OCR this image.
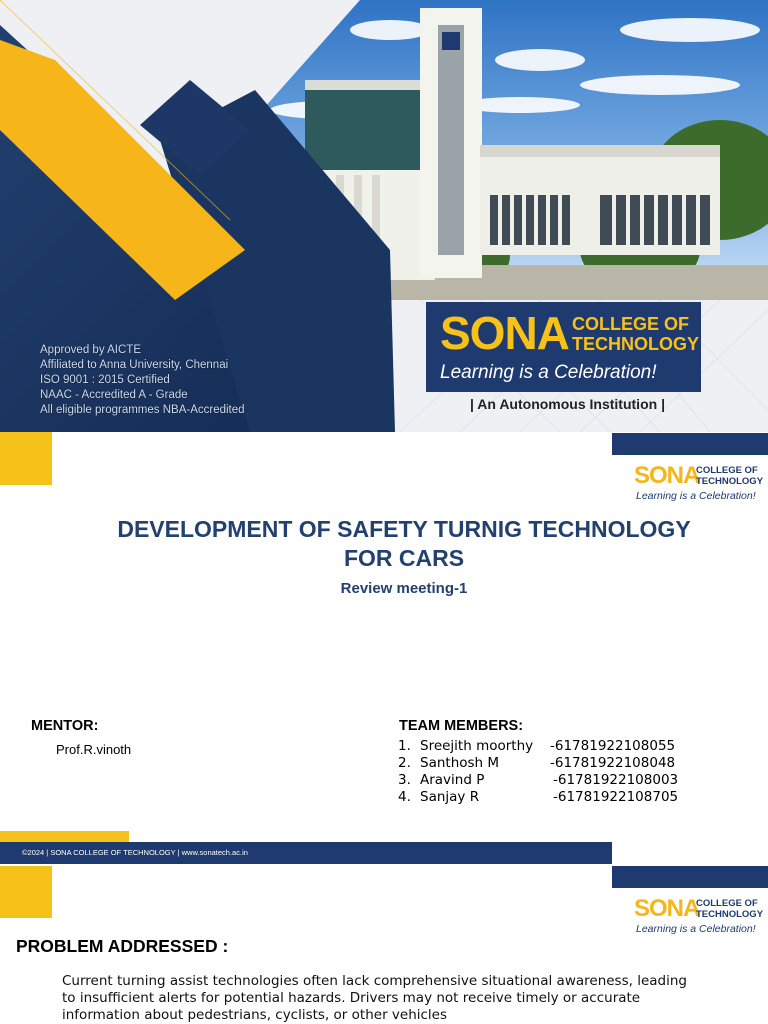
Approved by AICTE
Affiliated to Anna University, Chennai
ISO 9001 : 2015 Certified
NAAC - Accredited A - Grade
All eligible programmes NBA-Accredited
SONA COLLEGE OF
TECHNOLOGY
Learning is a Celebration!
| An Autonomous Institution |
SONA
COLLEGE OF
TECHNOLOGY
Learning is a Celebration!
DEVELOPMENT OF SAFETY TURNIG TECHNOLOGY
FOR CARS
Review meeting-1
MENTOR:
Prof.R.vinoth
TEAM MEMBERS:
1. Sreejith moorthy -61781922108055
2. Santhosh M	-61781922108048
3. Aravind P	-61781922108003
4. Sanjay R	-61781922108705
©2024 | SONA COLLEGE OF TECHNOLOGY | www.sonatech.ac.in
SONA
COLLEGE OF
TECHNOLOGY
Learning is a Celebration!
PROBLEM ADDRESSED :
Current turning assist technologies often lack comprehensive situational awareness, leading to insufficient alerts for potential hazards. Drivers may not receive timely or accurate information about pedestrians, cyclists, or other vehicles
